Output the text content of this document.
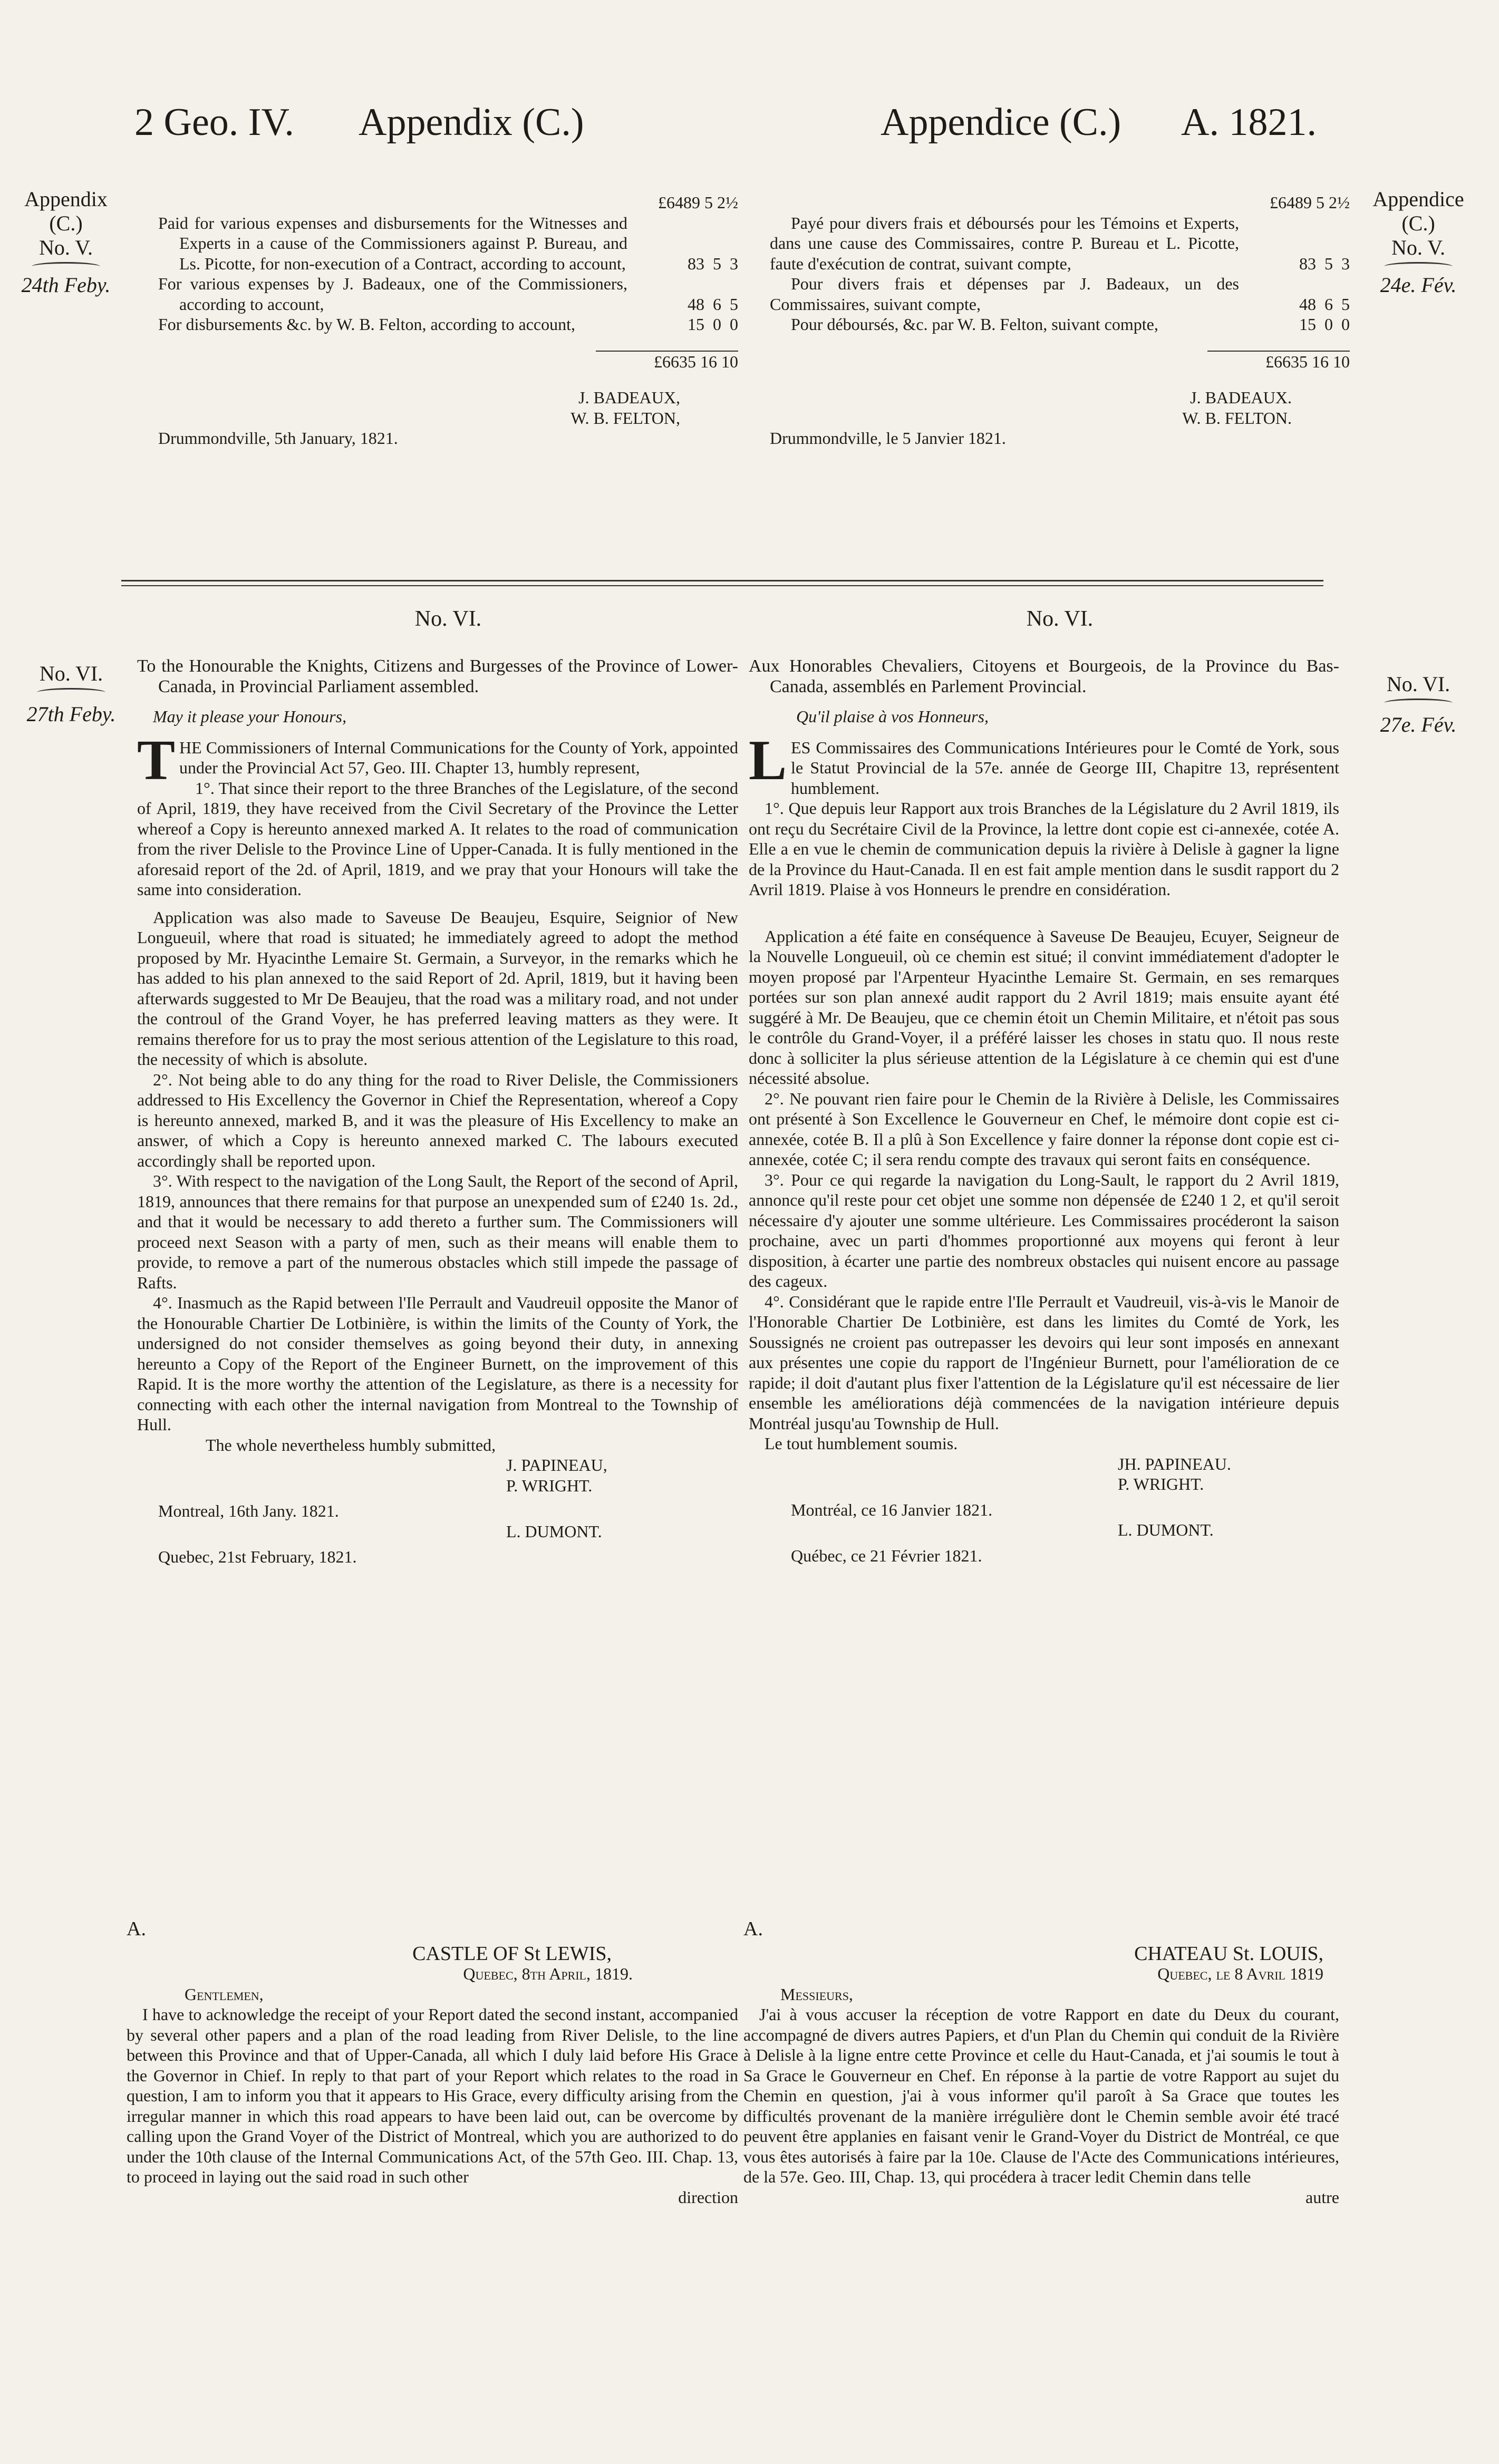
2 Geo. IV. Appendix (C.)	Appendice (C.) A. 1821.
Appendix
(C.)
No. V.
24th Feby.
Appendice
(C.)
No. V.
24e. Fév.
£6489 5 2½
Paid for various expenses and disbursements for the Witnesses and Experts in a cause of the Commissioners against P. Bureau, and Ls. Picotte, for non-execution of a Contract, according to account,	83  5  3
For various expenses by J. Badeaux, one of the Commissioners, according to account,	48  6  5
For disbursements &c. by W. B. Felton, according to account,	15  0  0
£6635 16 10
J. BADEAUX,
W. B. FELTON,
Drummondville, 5th January, 1821.
£6489 5 2½
Payé pour divers frais et déboursés pour les Témoins et Experts, dans une cause des Commissaires, contre P. Bureau et L. Picotte, faute d'exécution de contrat, suivant compte,	83  5  3
Pour divers frais et dépenses par J. Badeaux, un des Commissaires, suivant compte,	48  6  5
Pour déboursés, &c. par W. B. Felton, suivant compte,	15  0  0
£6635 16 10
J. BADEAUX.
W. B. FELTON.
Drummondville, le 5 Janvier 1821.
No. VI.	No. VI.
No. VI.
27th Feby.
No. VI.
27e. Fév.

To the Honourable the Knights, Citizens and Burgesses of the Province of Lower-Canada, in Provincial Parliament assembled.

May it please your Honours,

THE Commissioners of Internal Communications for the County of York, appointed under the Provincial Act 57, Geo. III. Chapter 13, humbly represent,

1°. That since their report to the three Branches of the Legislature, of the second of April, 1819, they have received from the Civil Secretary of the Province the Letter whereof a Copy is hereunto annexed marked A. It relates to the road of communication from the river Delisle to the Province Line of Upper-Canada. It is fully mentioned in the aforesaid report of the 2d. of April, 1819, and we pray that your Honours will take the same into consideration.

Application was also made to Saveuse De Beaujeu, Esquire, Seignior of New Longueuil, where that road is situated; he immediately agreed to adopt the method proposed by Mr. Hyacinthe Lemaire St. Germain, a Surveyor, in the remarks which he has added to his plan annexed to the said Report of 2d. April, 1819, but it having been afterwards suggested to Mr De Beaujeu, that the road was a military road, and not under the controul of the Grand Voyer, he has preferred leaving matters as they were. It remains therefore for us to pray the most serious attention of the Legislature to this road, the necessity of which is absolute.

2°. Not being able to do any thing for the road to River Delisle, the Commissioners addressed to His Excellency the Governor in Chief the Representation, whereof a Copy is hereunto annexed, marked B, and it was the pleasure of His Excellency to make an answer, of which a Copy is hereunto annexed marked C. The labours executed accordingly shall be reported upon.

3°. With respect to the navigation of the Long Sault, the Report of the second of April, 1819, announces that there remains for that purpose an unexpended sum of £240 1s. 2d., and that it would be necessary to add thereto a further sum. The Commissioners will proceed next Season with a party of men, such as their means will enable them to provide, to remove a part of the numerous obstacles which still impede the passage of Rafts.

4°. Inasmuch as the Rapid between l'Ile Perrault and Vaudreuil opposite the Manor of the Honourable Chartier De Lotbinière, is within the limits of the County of York, the undersigned do not consider themselves as going beyond their duty, in annexing hereunto a Copy of the Report of the Engineer Burnett, on the improvement of this Rapid. It is the more worthy the attention of the Legislature, as there is a necessity for connecting with each other the internal navigation from Montreal to the Township of Hull.

The whole nevertheless humbly submitted,

J. PAPINEAU,
P. WRIGHT.
Montreal, 16th Jany. 1821.
L. DUMONT.
Quebec, 21st February, 1821.

Aux Honorables Chevaliers, Citoyens et Bourgeois, de la Province du Bas-Canada, assemblés en Parlement Provincial.

Qu'il plaise à vos Honneurs,

LES Commissaires des Communications Intérieures pour le Comté de York, sous le Statut Provincial de la 57e. année de George III, Chapitre 13, représentent humblement.

1°. Que depuis leur Rapport aux trois Branches de la Législature du 2 Avril 1819, ils ont reçu du Secrétaire Civil de la Province, la lettre dont copie est ci-annexée, cotée A. Elle a en vue le chemin de communication depuis la rivière à Delisle à gagner la ligne de la Province du Haut-Canada. Il en est fait ample mention dans le susdit rapport du 2 Avril 1819. Plaise à vos Honneurs le prendre en considération.

Application a été faite en conséquence à Saveuse De Beaujeu, Ecuyer, Seigneur de la Nouvelle Longueuil, où ce chemin est situé; il convint immédiatement d'adopter le moyen proposé par l'Arpenteur Hyacinthe Lemaire St. Germain, en ses remarques portées sur son plan annexé audit rapport du 2 Avril 1819; mais ensuite ayant été suggéré à Mr. De Beaujeu, que ce chemin étoit un Chemin Militaire, et n'étoit pas sous le contrôle du Grand-Voyer, il a préféré laisser les choses in statu quo. Il nous reste donc à solliciter la plus sérieuse attention de la Législature à ce chemin qui est d'une nécessité absolue.

2°. Ne pouvant rien faire pour le Chemin de la Rivière à Delisle, les Commissaires ont présenté à Son Excellence le Gouverneur en Chef, le mémoire dont copie est ci-annexée, cotée B. Il a plû à Son Excellence y faire donner la réponse dont copie est ci-annexée, cotée C; il sera rendu compte des travaux qui seront faits en conséquence.

3°. Pour ce qui regarde la navigation du Long-Sault, le rapport du 2 Avril 1819, annonce qu'il reste pour cet objet une somme non dépensée de £240 1 2, et qu'il seroit nécessaire d'y ajouter une somme ultérieure. Les Commissaires procéderont la saison prochaine, avec un parti d'hommes proportionné aux moyens qui feront à leur disposition, à écarter une partie des nombreux obstacles qui nuisent encore au passage des cageux.

4°. Considérant que le rapide entre l'Ile Perrault et Vaudreuil, vis-à-vis le Manoir de l'Honorable Chartier De Lotbinière, est dans les limites du Comté de York, les Soussignés ne croient pas outrepasser les devoirs qui leur sont imposés en annexant aux présentes une copie du rapport de l'Ingénieur Burnett, pour l'amélioration de ce rapide; il doit d'autant plus fixer l'attention de la Législature qu'il est nécessaire de lier ensemble les améliorations déjà commencées de la navigation intérieure depuis Montréal jusqu'au Township de Hull.

Le tout humblement soumis.

JH. PAPINEAU.
P. WRIGHT.
Montréal, ce 16 Janvier 1821.
L. DUMONT.
Québec, ce 21 Février 1821.
A.
CASTLE OF St LEWIS,
Quebec, 8th April, 1819.
Gentlemen,

I have to acknowledge the receipt of your Report dated the second instant, accompanied by several other papers and a plan of the road leading from River Delisle, to the line between this Province and that of Upper-Canada, all which I duly laid before His Grace the Governor in Chief. In reply to that part of your Report which relates to the road in question, I am to inform you that it appears to His Grace, every difficulty arising from the irregular manner in which this road appears to have been laid out, can be overcome by calling upon the Grand Voyer of the District of Montreal, which you are authorized to do under the 10th clause of the Internal Communications Act, of the 57th Geo. III. Chap. 13, to proceed in laying out the said road in such other

direction
A.
CHATEAU St. LOUIS,
Quebec, le 8 Avril 1819
Messieurs,

J'ai à vous accuser la réception de votre Rapport en date du Deux du courant, accompagné de divers autres Papiers, et d'un Plan du Chemin qui conduit de la Rivière à Delisle à la ligne entre cette Province et celle du Haut-Canada, et j'ai soumis le tout à Sa Grace le Gouverneur en Chef. En réponse à la partie de votre Rapport au sujet du Chemin en question, j'ai à vous informer qu'il paroît à Sa Grace que toutes les difficultés provenant de la manière irrégulière dont le Chemin semble avoir été tracé peuvent être applanies en faisant venir le Grand-Voyer du District de Montréal, ce que vous êtes autorisés à faire par la 10e. Clause de l'Acte des Communications intérieures, de la 57e. Geo. III, Chap. 13, qui procédera à tracer ledit Chemin dans telle

autre
